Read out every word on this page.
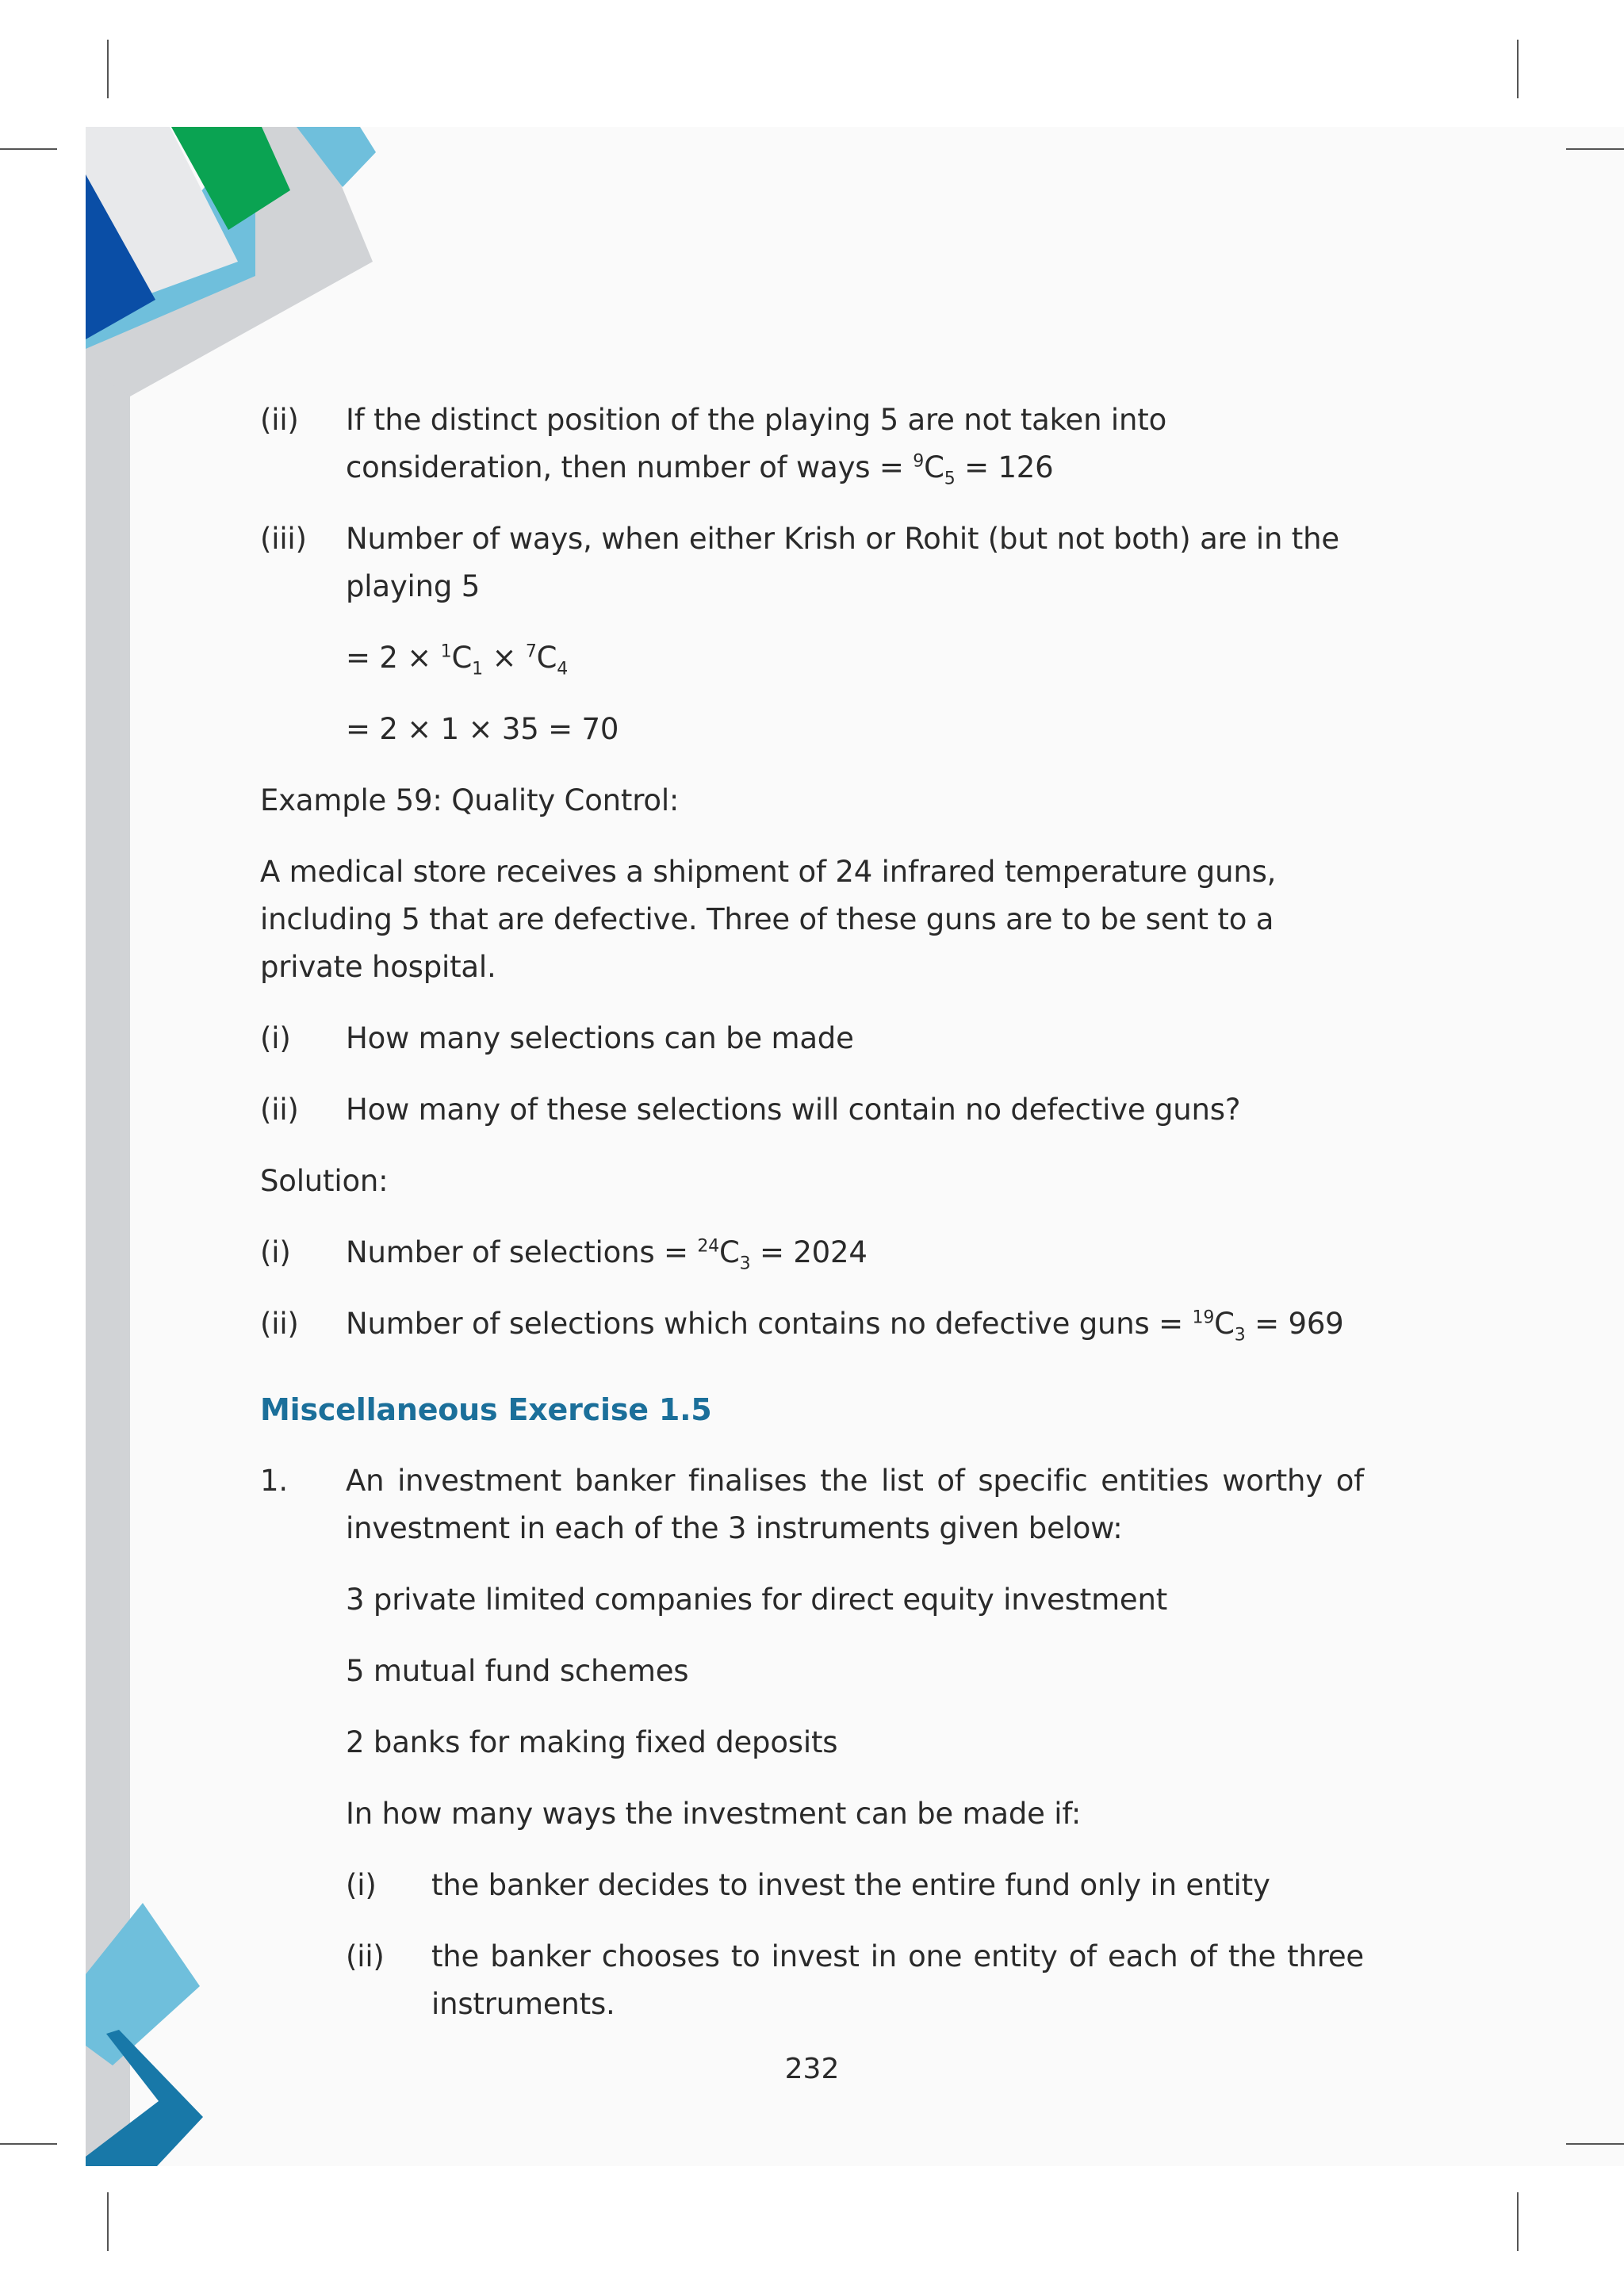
(ii)	If the distinct position of the playing 5 are not taken into consideration, then number of ways = $^9C_5 = 126$
(iii)	Number of ways, when either Krish or Rohit (but not both) are in the playing 5
= $2 \times ^1C_1 \times ^7C_4$
= 2 × 1 × 35 = 70
Example 59: Quality Control:
A medical store receives a shipment of 24 infrared temperature guns, including 5 that are defective. Three of these guns are to be sent to a private hospital.
(i)	How many selections can be made
(ii)	How many of these selections will contain no defective guns?
Solution:
(i)	Number of selections = $^{24}C_3 = 2024$
(ii)	Number of selections which contains no defective guns = $^{19}C_3 = 969$
Miscellaneous Exercise 1.5
1.	An investment banker finalises the list of specific entities worthy of investment in each of the 3 instruments given below:
3 private limited companies for direct equity investment
5 mutual fund schemes
2 banks for making fixed deposits
In how many ways the investment can be made if:
(i)	the banker decides to invest the entire fund only in entity
(ii)	the banker chooses to invest in one entity of each of the three instruments.
232
